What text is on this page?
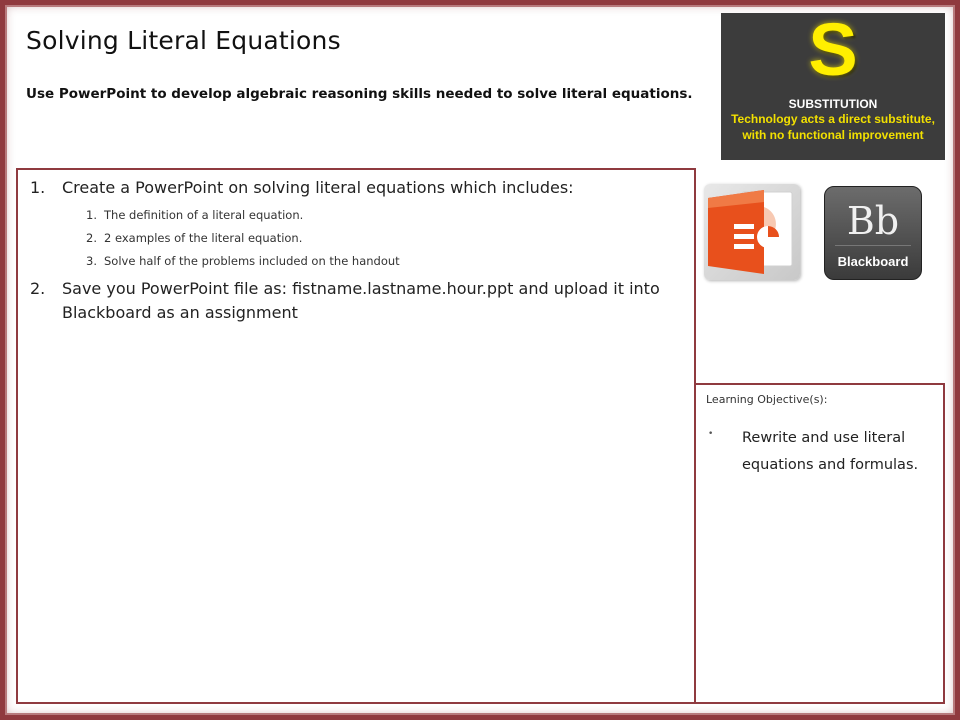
Solving Literal Equations
Use PowerPoint to develop algebraic reasoning skills needed to solve literal equations.
S
SUBSTITUTION
Technology acts a direct substitute,
with no functional improvement
1.	Create a PowerPoint on solving literal equations which includes:
1. The definition of a literal equation.
2. 2 examples of the literal equation.
3. Solve half of the problems included on the handout
2.	Save you PowerPoint file as: fistname.lastname.hour.ppt and upload it into Blackboard as an assignment
Bb
Blackboard
Learning Objective(s):
• Rewrite and use literal equations and formulas.
